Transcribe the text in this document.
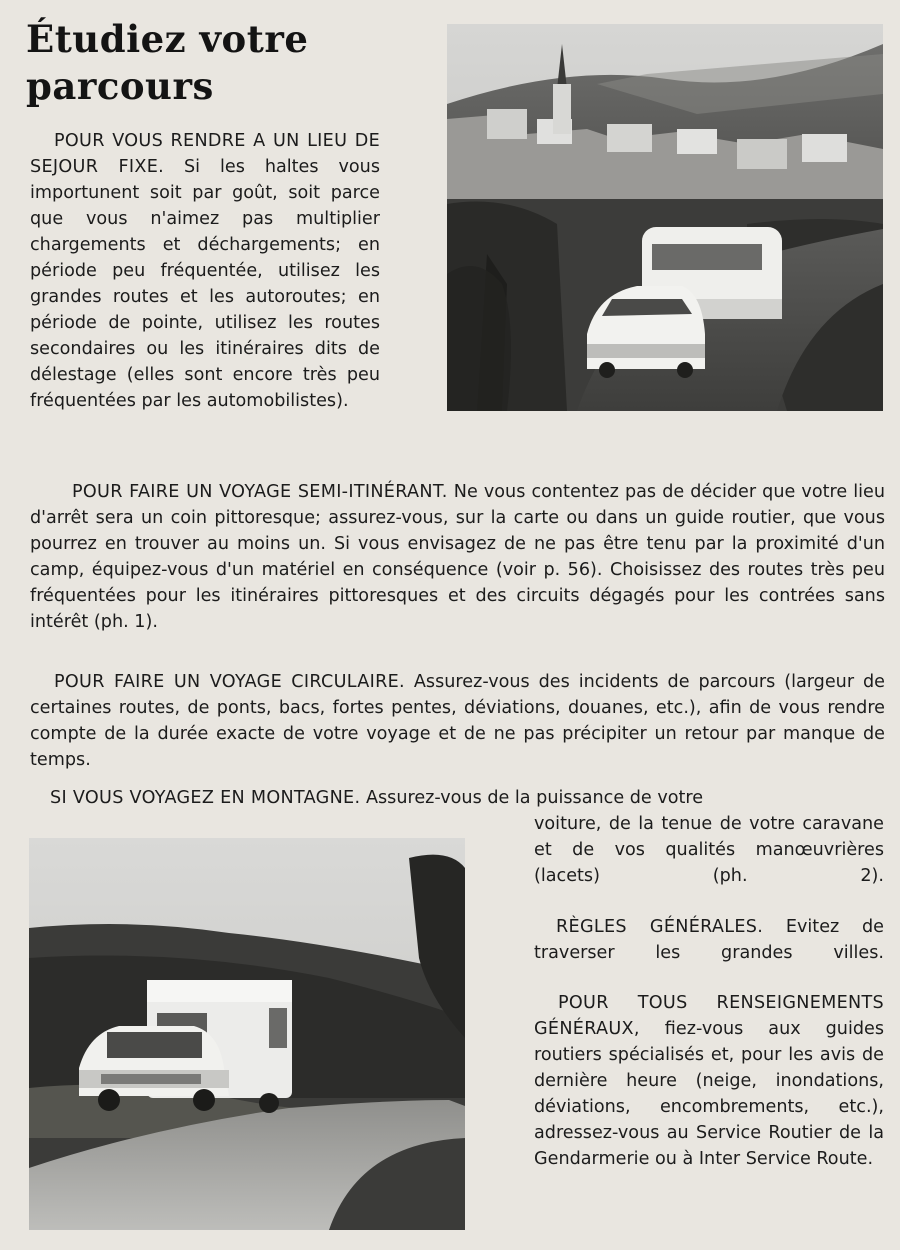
Étudiez votre
parcours

POUR VOUS RENDRE A UN LIEU DE SEJOUR FIXE. Si les haltes vous importunent soit par goût, soit parce que vous n'aimez pas multiplier chargements et déchargements; en période peu fréquentée, utilisez les grandes routes et les autoroutes; en période de pointe, utilisez les routes secondaires ou les itinéraires dits de délestage (elles sont encore très peu fréquentées par les automobilistes).

POUR FAIRE UN VOYAGE SEMI-ITINÉRANT. Ne vous contentez pas de décider que votre lieu d'arrêt sera un coin pittoresque; assurez-vous, sur la carte ou dans un guide routier, que vous pourrez en trouver au moins un. Si vous envisagez de ne pas être tenu par la proximité d'un camp, équipez-vous d'un matériel en conséquence (voir p. 56). Choisissez des routes très peu fréquentées pour les itinéraires pittoresques et des circuits dégagés pour les contrées sans intérêt (ph. 1).

POUR FAIRE UN VOYAGE CIRCULAIRE. Assurez-vous des incidents de parcours (largeur de certaines routes, de ponts, bacs, fortes pentes, déviations, douanes, etc.), afin de vous rendre compte de la durée exacte de votre voyage et de ne pas précipiter un retour par manque de temps.

SI VOUS VOYAGEZ EN MONTAGNE. Assurez-vous de la puissance de votre

voiture, de la tenue de votre caravane et de vos qualités manœuvrières (lacets) (ph. 2).

RÈGLES GÉNÉRALES. Evitez de traverser les grandes villes.

POUR TOUS RENSEIGNEMENTS GÉNÉRAUX, fiez-vous aux guides routiers spécialisés et, pour les avis de dernière heure (neige, inondations, déviations, encombrements, etc.), adressez-vous au Service Routier de la Gendarmerie ou à Inter Service Route.
